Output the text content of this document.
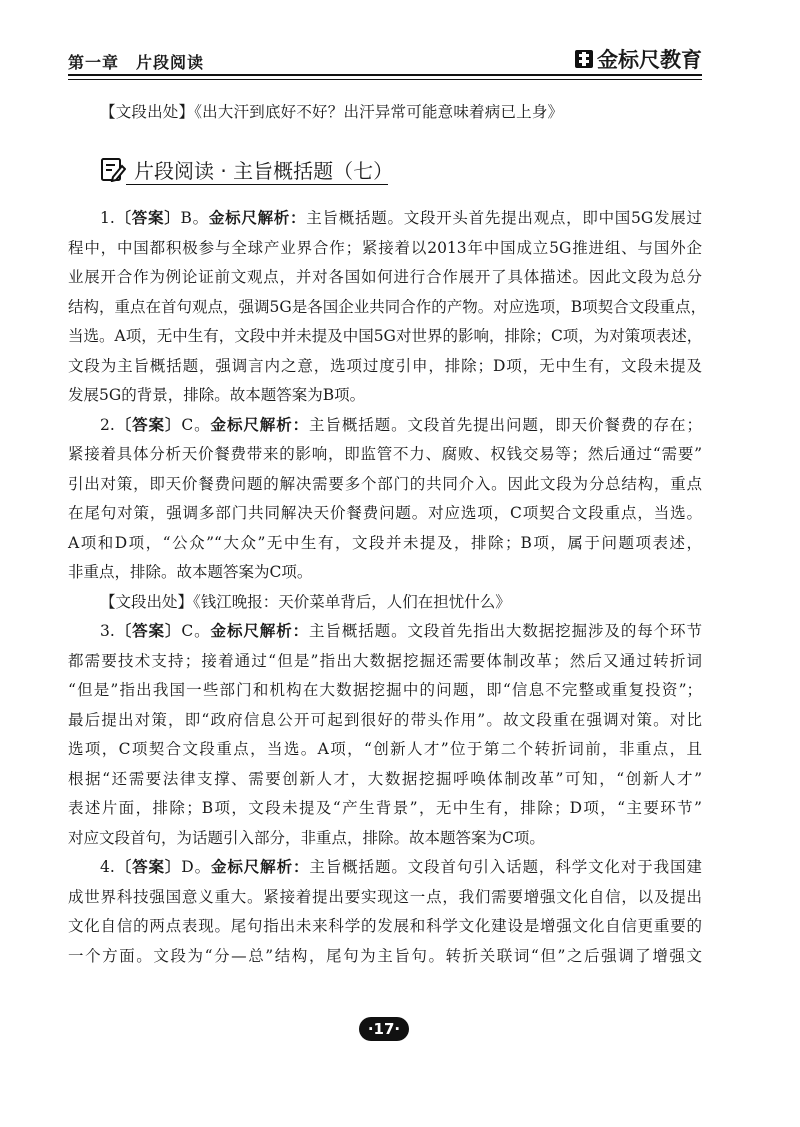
第一章　片段阅读	金标尺教育
【文段出处】《出大汗到底好不好？出汗异常可能意味着病已上身》
片段阅读 · 主旨概括题（七）
1.〔答案〕B。金标尺解析：主旨概括题。文段开头首先提出观点，即中国5G发展过
程中，中国都积极参与全球产业界合作；紧接着以2013年中国成立5G推进组、与国外企
业展开合作为例论证前文观点，并对各国如何进行合作展开了具体描述。因此文段为总分
结构，重点在首句观点，强调5G是各国企业共同合作的产物。对应选项，B项契合文段重点，
当选。A项，无中生有，文段中并未提及中国5G对世界的影响，排除；C项，为对策项表述，
文段为主旨概括题，强调言内之意，选项过度引申，排除；D项，无中生有，文段未提及
发展5G的背景，排除。故本题答案为B项。
2.〔答案〕C。金标尺解析：主旨概括题。文段首先提出问题，即天价餐费的存在；
紧接着具体分析天价餐费带来的影响，即监管不力、腐败、权钱交易等；然后通过“需要”
引出对策，即天价餐费问题的解决需要多个部门的共同介入。因此文段为分总结构，重点
在尾句对策，强调多部门共同解决天价餐费问题。对应选项，C项契合文段重点，当选。
A项和D项，“公众”“大众”无中生有，文段并未提及，排除；B项，属于问题项表述，
非重点，排除。故本题答案为C项。
【文段出处】《钱江晚报：天价菜单背后，人们在担忧什么》
3.〔答案〕C。金标尺解析：主旨概括题。文段首先指出大数据挖掘涉及的每个环节
都需要技术支持；接着通过“但是”指出大数据挖掘还需要体制改革；然后又通过转折词
“但是”指出我国一些部门和机构在大数据挖掘中的问题，即“信息不完整或重复投资”；
最后提出对策，即“政府信息公开可起到很好的带头作用”。故文段重在强调对策。对比
选项，C项契合文段重点，当选。A项，“创新人才”位于第二个转折词前，非重点，且
根据“还需要法律支撑、需要创新人才，大数据挖掘呼唤体制改革”可知，“创新人才”
表述片面，排除；B项，文段未提及“产生背景”，无中生有，排除；D项，“主要环节”
对应文段首句，为话题引入部分，非重点，排除。故本题答案为C项。
4.〔答案〕D。金标尺解析：主旨概括题。文段首句引入话题，科学文化对于我国建
成世界科技强国意义重大。紧接着提出要实现这一点，我们需要增强文化自信，以及提出
文化自信的两点表现。尾句指出未来科学的发展和科学文化建设是增强文化自信更重要的
一个方面。文段为“分—总”结构，尾句为主旨句。转折关联词“但”之后强调了增强文
·17·
